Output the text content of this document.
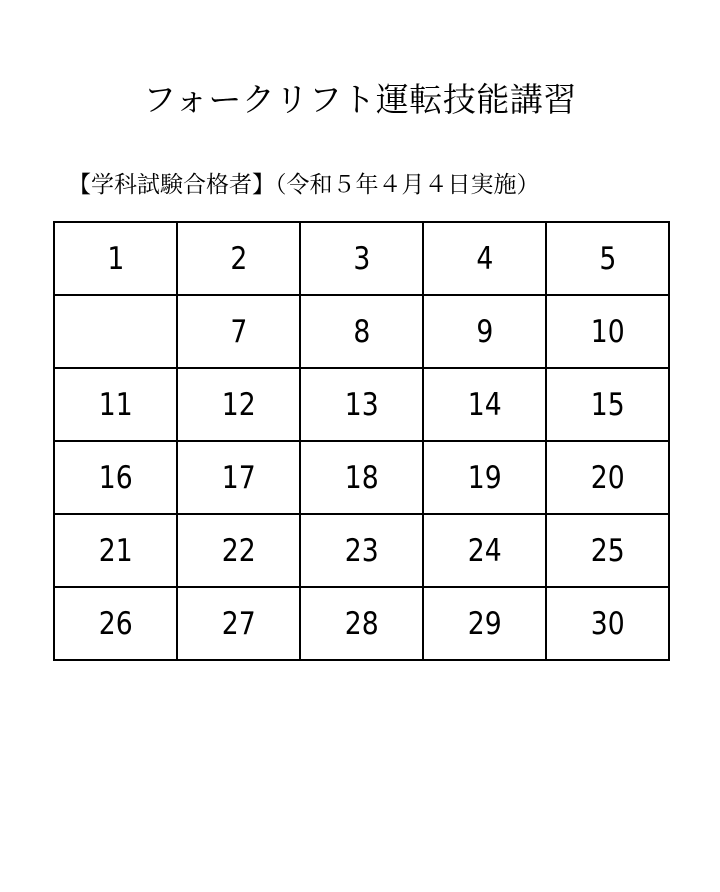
フォークリフト運転技能講習
【学科試験合格者】（令和５年４月４日実施）
1	2	3	4	5
	7	8	9	10
11	12	13	14	15
16	17	18	19	20
21	22	23	24	25
26	27	28	29	30
